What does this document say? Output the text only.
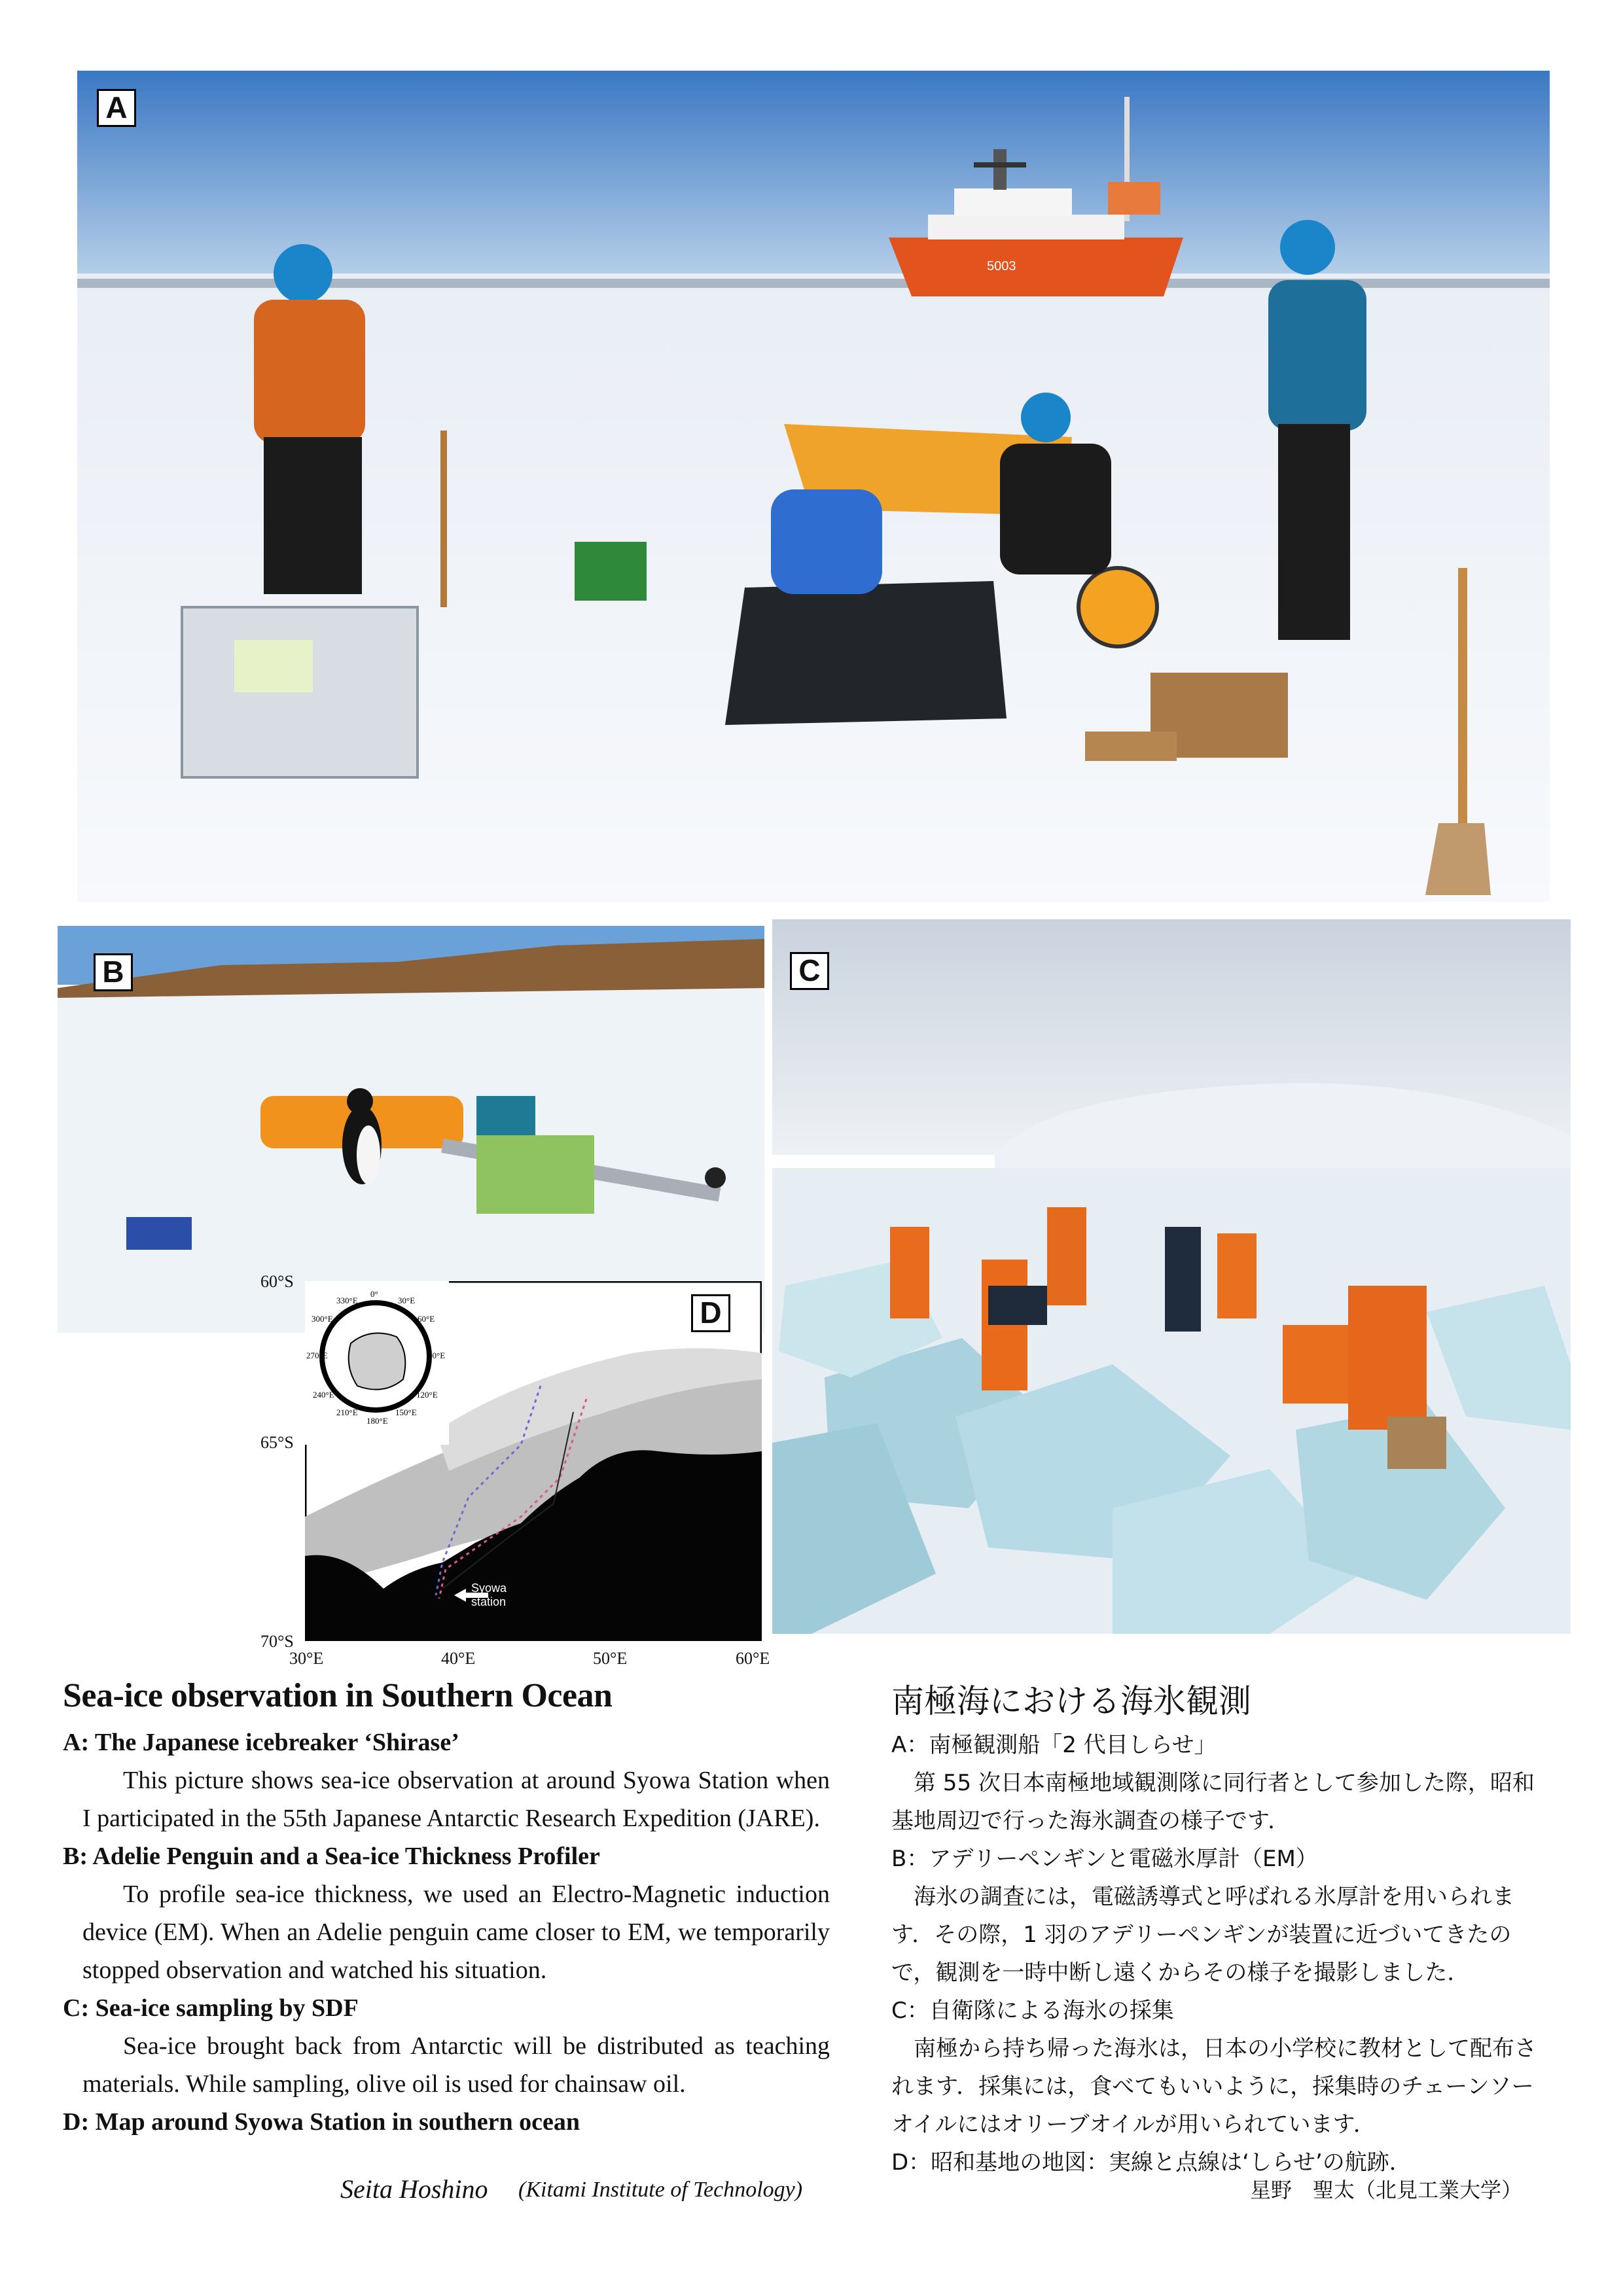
5003
A
B	C
0°
30°E
60°E
90°E
120°E
150°E
180°E
210°E
240°E
270°E
300°E
330°E
Syowa
station
D
60°S
65°S
70°S
30°E	40°E	50°E	60°E
Sea-ice observation in Southern Ocean
A: The Japanese icebreaker ‘Shirase’
This picture shows sea-ice observation at around Syowa Station when I participated in the 55th Japanese Antarctic Research Expedition (JARE).
B: Adelie Penguin and a Sea-ice Thickness Profiler
To profile sea-ice thickness, we used an Electro-Magnetic induction device (EM). When an Adelie penguin came closer to EM, we temporarily stopped observation and watched his situation.
C: Sea-ice sampling by SDF
Sea-ice brought back from Antarctic will be distributed as teaching materials. While sampling, olive oil is used for chainsaw oil.
D: Map around Syowa Station in southern ocean
Seita Hoshino (Kitami Institute of Technology)
南極海における海氷観測
A：南極観測船「2 代目しらせ」
第 55 次日本南極地域観測隊に同行者として参加した際，昭和基地周辺で行った海氷調査の様子です．
B：アデリーペンギンと電磁氷厚計（EM）
海氷の調査には，電磁誘導式と呼ばれる氷厚計を用いられます．その際，1 羽のアデリーペンギンが装置に近づいてきたので，観測を一時中断し遠くからその様子を撮影しました．
C：自衛隊による海氷の採集
南極から持ち帰った海氷は，日本の小学校に教材として配布されます．採集には，食べてもいいように，採集時のチェーンソーオイルにはオリーブオイルが用いられています．
D：昭和基地の地図：実線と点線は‘しらせ’の航跡．
星野　聖太（北見工業大学）
